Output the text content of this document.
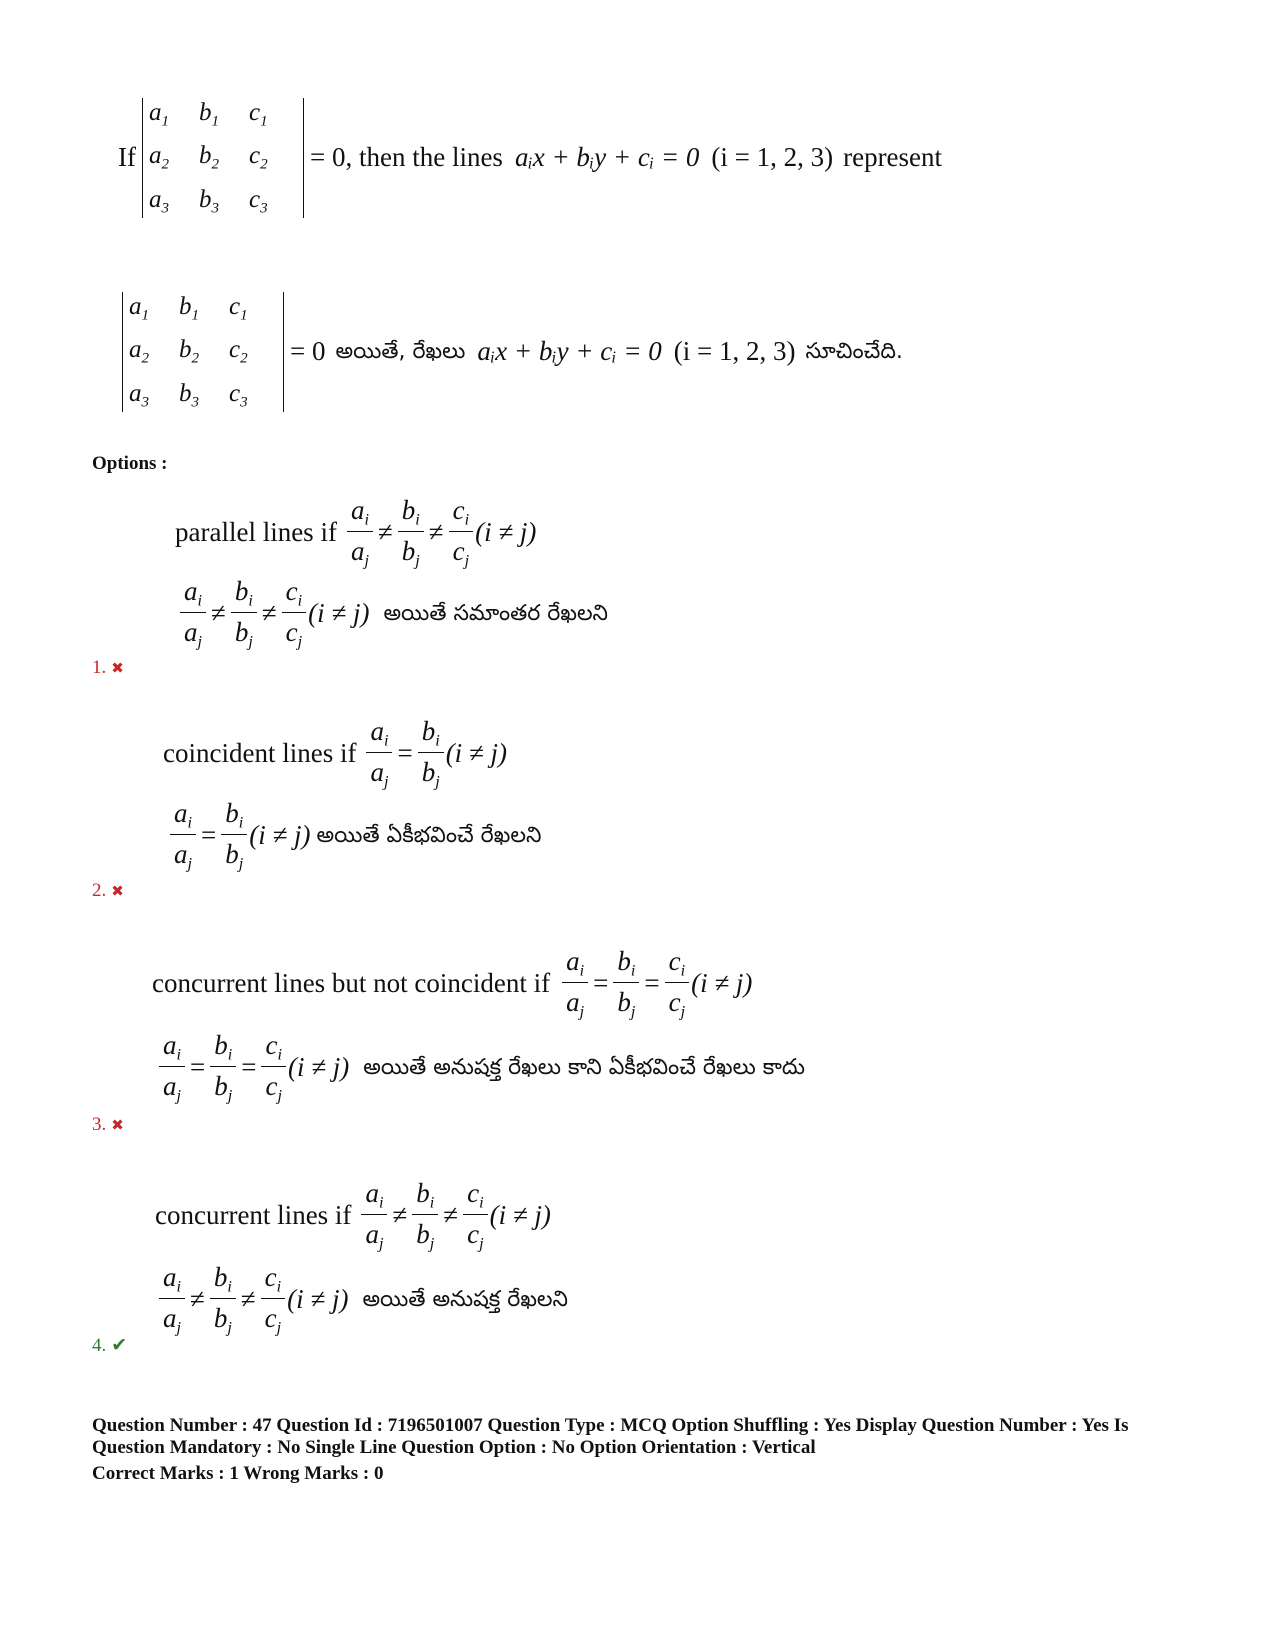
If
$a_1$	$b_1$	$c_1$
$a_2$	$b_2$	$c_2$
$a_3$	$b_3$	$c_3$
= 0 , then the lines aᵢx + bᵢy + cᵢ = 0 (i = 1, 2, 3) represent
$a_1$	$b_1$	$c_1$
$a_2$	$b_2$	$c_2$
$a_3$	$b_3$	$c_3$
= 0 అయితే, రేఖలు aᵢx + bᵢy + cᵢ = 0 (i = 1, 2, 3) సూచించేది.
Options :
parallel lines if $\frac{a_i}{a_j} \ne \frac{b_i}{b_j} \ne \frac{c_i}{c_j} (i \ne j)$
$\frac{a_i}{a_j} \ne \frac{b_i}{b_j} \ne \frac{c_i}{c_j} (i \ne j)$ అయితే సమాంతర రేఖలని
1. ✖
coincident lines if $\frac{a_i}{a_j} = \frac{b_i}{b_j} (i \ne j)$
$\frac{a_i}{a_j} = \frac{b_i}{b_j} (i \ne j)$ అయితే ఏకీభవించే రేఖలని
2. ✖
concurrent lines but not coincident if $\frac{a_i}{a_j} = \frac{b_i}{b_j} = \frac{c_i}{c_j} (i \ne j)$
$\frac{a_i}{a_j} = \frac{b_i}{b_j} = \frac{c_i}{c_j} (i \ne j)$ అయితే అనుషక్త రేఖలు కాని ఏకీభవించే రేఖలు కాదు
3. ✖
concurrent lines if $\frac{a_i}{a_j} \ne \frac{b_i}{b_j} \ne \frac{c_i}{c_j} (i \ne j)$
$\frac{a_i}{a_j} \ne \frac{b_i}{b_j} \ne \frac{c_i}{c_j} (i \ne j)$ అయితే అనుషక్త రేఖలని
4. ✔
Question Number : 47 Question Id : 7196501007 Question Type : MCQ Option Shuffling : Yes Display Question Number : Yes Is
Question Mandatory : No Single Line Question Option : No Option Orientation : Vertical
Correct Marks : 1 Wrong Marks : 0
